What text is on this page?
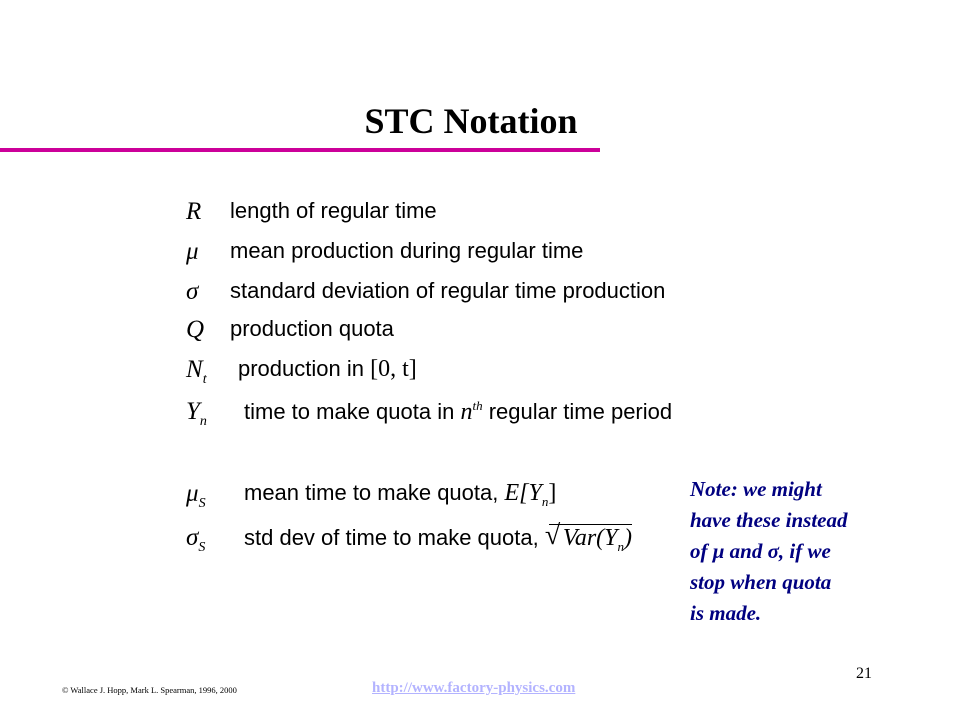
STC Notation
R	length of regular time
μ	mean production during regular time
σ	standard deviation of regular time production
Q	production quota
$N_t$	production in [0, t]
$Y_n$	time to make quota in $n^{th}$ regular time period
$\mu_S$	mean time to make quota, $E[Y_n]$
$\sigma_S$	std dev of time to make quota, √ $Var(Y_n)$
Note: we might
have these instead
of μ and σ, if we
stop when quota
is made.
© Wallace J. Hopp, Mark L. Spearman, 1996, 2000	http://www.factory-physics.com
21
